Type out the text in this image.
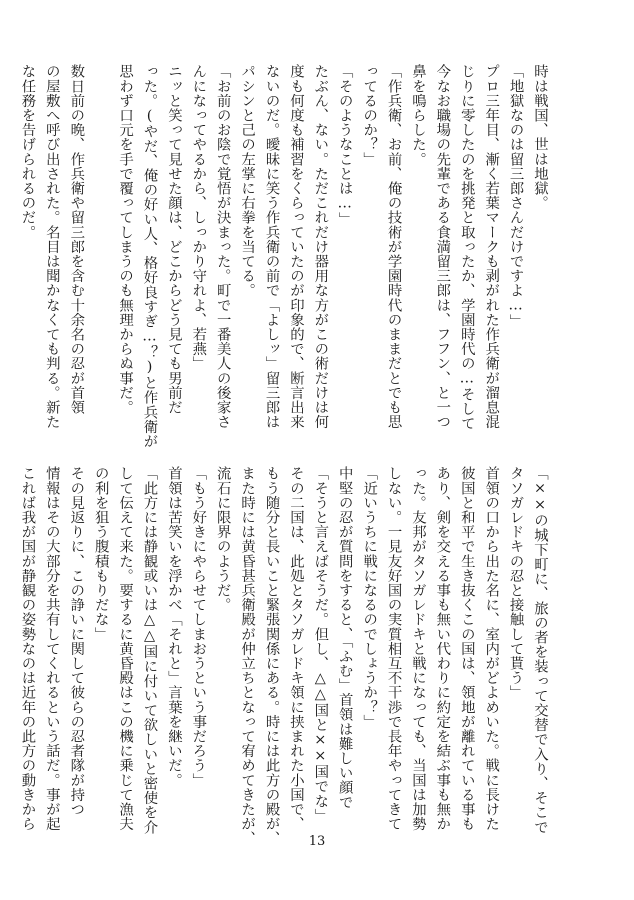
時は戦国、世は地獄。
「地獄なのは留三郎さんだけですよ…」
プロ三年目、漸く若葉マークも剥がれた作兵衛が溜息混
じりに零したのを挑発と取ったか、学園時代の…そして
今なお職場の先輩である食満留三郎は、フフン、と一つ
鼻を鳴らした。
「作兵衛、お前、俺の技術が学園時代のままだとでも思
ってるのか？」
「そのようなことは…」
たぶん、ない。ただこれだけ器用な方がこの術だけは何
度も何度も補習をくらっていたのが印象的で、断言出来
ないのだ。曖昧に笑う作兵衛の前で「よしッ」留三郎は
パシンと己の左掌に右拳を当てる。
「お前のお陰で覚悟が決まった。町で一番美人の後家さ
んになってやるから、しっかり守れよ、若燕」
ニッと笑って見せた顔は、どこからどう見ても男前だ
った。(やだ、俺の好い人、格好良すぎ…？)と作兵衛が
思わず口元を手で覆ってしまうのも無理からぬ事だ。

数日前の晩、作兵衛や留三郎を含む十余名の忍が首領
の屋敷へ呼び出された。名目は聞かなくても判る。新た
な任務を告げられるのだ。
「××の城下町に、旅の者を装って交替で入り、そこで
タソガレドキの忍と接触して貰う」
首領の口から出た名に、室内がどよめいた。戦に長けた
彼国と和平で生き抜くこの国は、領地が離れている事も
あり、剣を交える事も無い代わりに約定を結ぶ事も無か
った。友邦がタソガレドキと戦になっても、当国は加勢
しない。一見友好国の実質相互不干渉で長年やってきて
「近いうちに戦になるのでしょうか？」
中堅の忍が質問をすると、「ふむ」首領は難しい顔で
「そうと言えばそうだ。但し、△△国と××国でな」
その二国は、此処とタソガレドキ領に挟まれた小国で、
もう随分と長いこと緊張関係にある。時には此方の殿が、
また時には黄昏甚兵衛殿が仲立ちとなって宥めてきたが、
流石に限界のようだ。
「もう好きにやらせてしまおうという事だろう」
首領は苦笑いを浮かべ「それと」言葉を継いだ。
「此方には静観或いは△△国に付いて欲しいと密使を介
して伝えて来た。要するに黄昏殿はこの機に乗じて漁夫
の利を狙う腹積もりだな」
その見返りに、この諍いに関して彼らの忍者隊が持つ
情報はその大部分を共有してくれるという話だ。事が起
これば我が国が静観の姿勢なのは近年の此方の動きから
13
